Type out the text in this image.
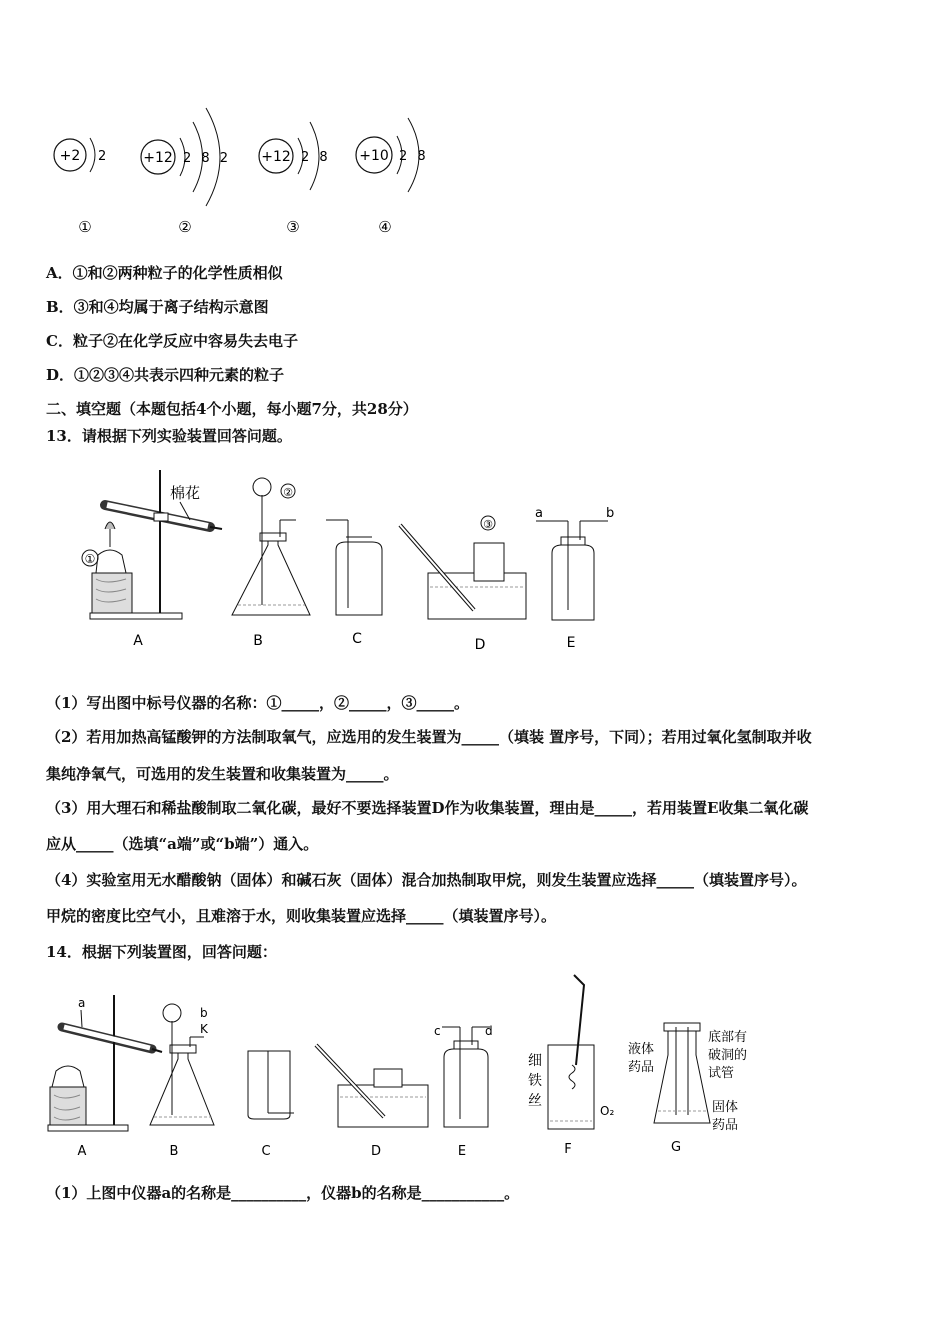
+2 2
①
+12 2 8 2
②
+12 2 8
③
+10 2 8
④
A．①和②两种粒子的化学性质相似
B．③和④均属于离子结构示意图
C．粒子②在化学反应中容易失去电子
D．①②③④共表示四种元素的粒子
二、填空题（本题包括4个小题，每小题7分，共28分）
13．请根据下列实验装置回答问题。
①
棉花
A
②
B	C
③
D
a	b
E
（1）写出图中标号仪器的名称：①_____，②_____，③_____。
（2）若用加热高锰酸钾的方法制取氧气，应选用的发生装置为_____（填装 置序号，下同）；若用过氧化氢制取并收
集纯净氧气，可选用的发生装置和收集装置为_____。
（3）用大理石和稀盐酸制取二氧化碳，最好不要选择装置D作为收集装置，理由是_____，若用装置E收集二氧化碳
应从_____（选填“a端”或“b端”）通入。
（4）实验室用无水醋酸钠（固体）和碱石灰（固体）混合加热制取甲烷，则发生装置应选择_____（填装置序号）。
甲烷的密度比空气小，且难溶于水，则收集装置应选择_____（填装置序号）。
14．根据下列装置图，回答问题：
a
A
b
K
B	C	D
c	d
E
细
铁
丝
O₂
F
液体
药品
底部有
破洞的
试管
固体
药品
G
（1）上图中仪器a的名称是__________，仪器b的名称是___________。
